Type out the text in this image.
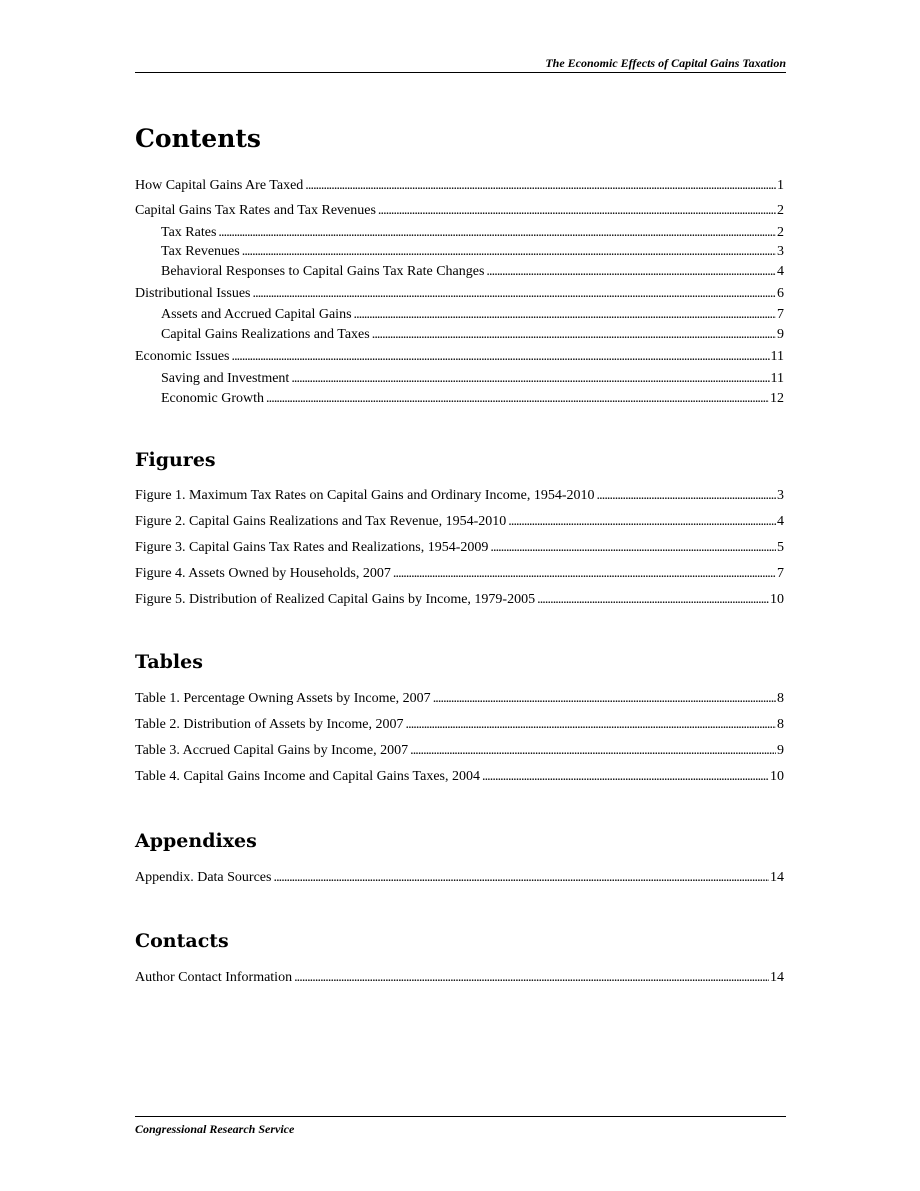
The Economic Effects of Capital Gains Taxation
Contents
How Capital Gains Are Taxed . . .	1
Capital Gains Tax Rates and Tax Revenues . . .	2
Tax Rates . . .	2
Tax Revenues . . .	3
Behavioral Responses to Capital Gains Tax Rate Changes . . .	4
Distributional Issues . . .	6
Assets and Accrued Capital Gains . . .	7
Capital Gains Realizations and Taxes . . .	9
Economic Issues . . .	11
Saving and Investment . . .	11
Economic Growth . . .	12
Figures
Figure 1. Maximum Tax Rates on Capital Gains and Ordinary Income, 1954-2010 . . .	3
Figure 2. Capital Gains Realizations and Tax Revenue, 1954-2010 . . .	4
Figure 3. Capital Gains Tax Rates and Realizations, 1954-2009 . . .	5
Figure 4. Assets Owned by Households, 2007 . . .	7
Figure 5. Distribution of Realized Capital Gains by Income, 1979-2005 . . .	10
Tables
Table 1. Percentage Owning Assets by Income, 2007 . . .	8
Table 2. Distribution of Assets by Income, 2007 . . .	8
Table 3. Accrued Capital Gains by Income, 2007 . . .	9
Table 4. Capital Gains Income and Capital Gains Taxes, 2004 . . .	10
Appendixes
Appendix. Data Sources . . .	14
Contacts
Author Contact Information . . .	14
Congressional Research Service
